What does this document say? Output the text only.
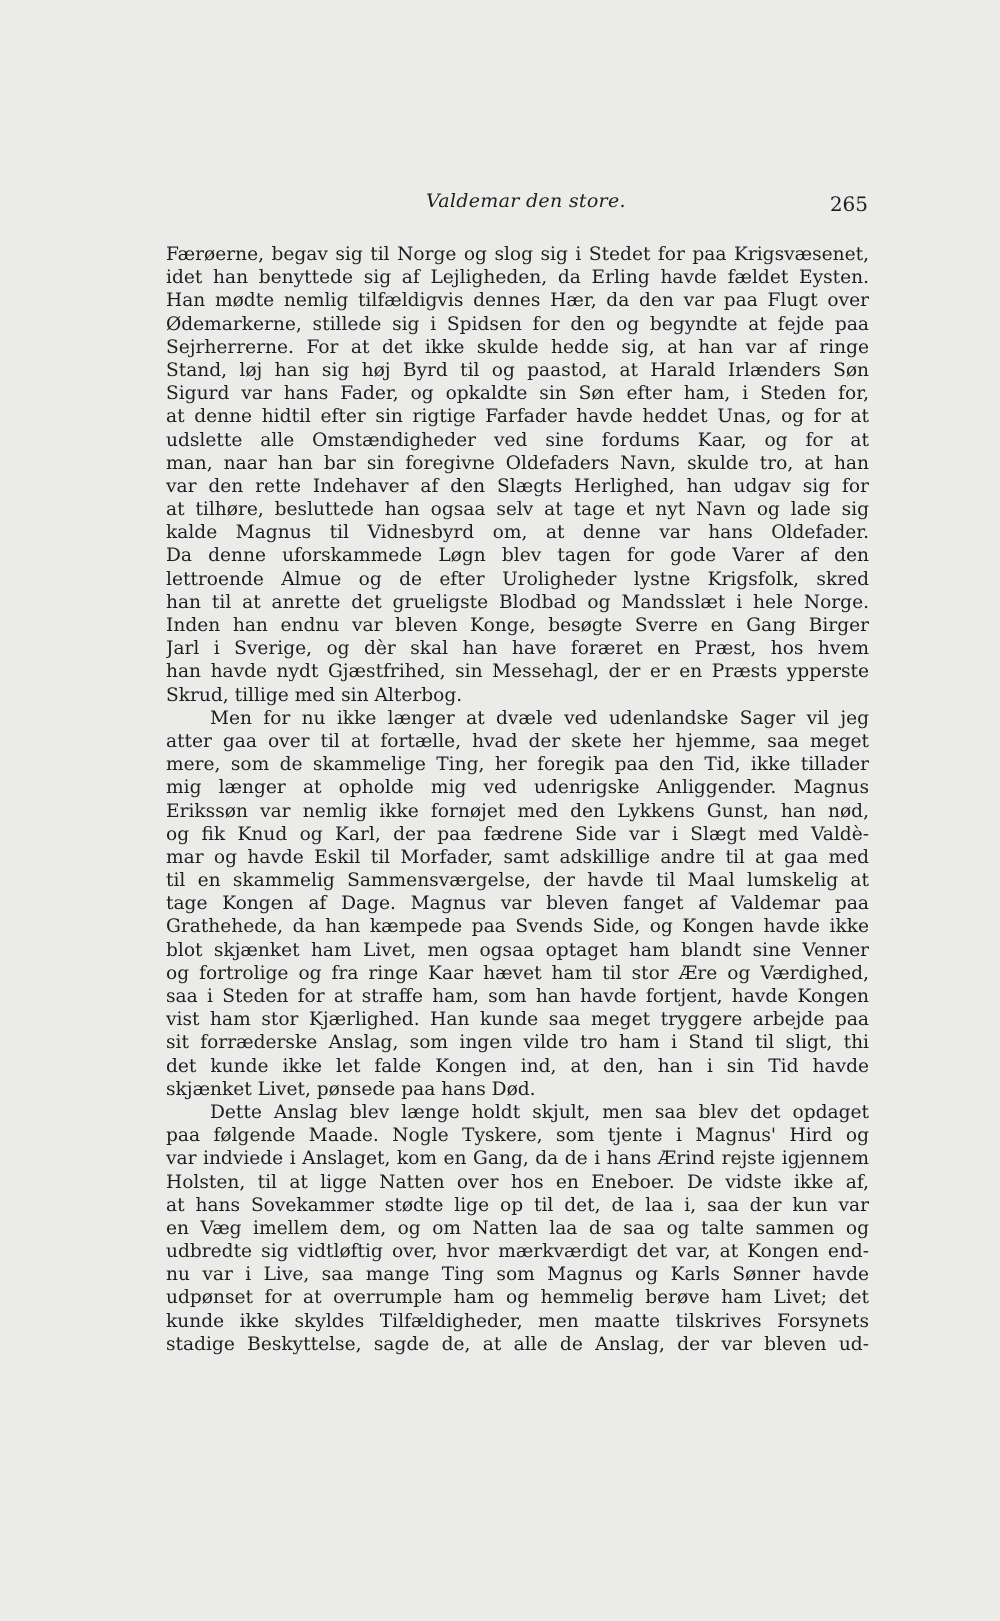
Valdemar den store.	265
Færøerne, begav sig til Norge og slog sig i Stedet for paa Krigsvæsenet,
idet han benyttede sig af Lejligheden, da Erling havde fældet Eysten.
Han mødte nemlig tilfældigvis dennes Hær, da den var paa Flugt over
Ødemarkerne, stillede sig i Spidsen for den og begyndte at fejde paa
Sejrherrerne. For at det ikke skulde hedde sig, at han var af ringe
Stand, løj han sig høj Byrd til og paastod, at Harald Irlænders Søn
Sigurd var hans Fader, og opkaldte sin Søn efter ham, i Steden for,
at denne hidtil efter sin rigtige Farfader havde heddet Unas, og for at
udslette alle Omstændigheder ved sine fordums Kaar, og for at
man, naar han bar sin foregivne Oldefaders Navn, skulde tro, at han
var den rette Indehaver af den Slægts Herlighed, han udgav sig for
at tilhøre, besluttede han ogsaa selv at tage et nyt Navn og lade sig
kalde Magnus til Vidnesbyrd om, at denne var hans Oldefader.
Da denne uforskammede Løgn blev tagen for gode Varer af den
lettroende Almue og de efter Uroligheder lystne Krigsfolk, skred
han til at anrette det grueligste Blodbad og Mandsslæt i hele Norge.
Inden han endnu var bleven Konge, besøgte Sverre en Gang Birger
Jarl i Sverige, og dèr skal han have foræret en Præst, hos hvem
han havde nydt Gjæstfrihed, sin Messehagl, der er en Præsts ypperste
Skrud, tillige med sin Alterbog.
Men for nu ikke længer at dvæle ved udenlandske Sager vil jeg
atter gaa over til at fortælle, hvad der skete her hjemme, saa meget
mere, som de skammelige Ting, her foregik paa den Tid, ikke tillader
mig længer at opholde mig ved udenrigske Anliggender. Magnus
Erikssøn var nemlig ikke fornøjet med den Lykkens Gunst, han nød,
og fik Knud og Karl, der paa fædrene Side var i Slægt med Valdè-
mar og havde Eskil til Morfader, samt adskillige andre til at gaa med
til en skammelig Sammensværgelse, der havde til Maal lumskelig at
tage Kongen af Dage. Magnus var bleven fanget af Valdemar paa
Grathehede, da han kæmpede paa Svends Side, og Kongen havde ikke
blot skjænket ham Livet, men ogsaa optaget ham blandt sine Venner
og fortrolige og fra ringe Kaar hævet ham til stor Ære og Værdighed,
saa i Steden for at straffe ham, som han havde fortjent, havde Kongen
vist ham stor Kjærlighed. Han kunde saa meget tryggere arbejde paa
sit forræderske Anslag, som ingen vilde tro ham i Stand til sligt, thi
det kunde ikke let falde Kongen ind, at den, han i sin Tid havde
skjænket Livet, pønsede paa hans Død.
Dette Anslag blev længe holdt skjult, men saa blev det opdaget
paa følgende Maade. Nogle Tyskere, som tjente i Magnus' Hird og
var indviede i Anslaget, kom en Gang, da de i hans Ærind rejste igjennem
Holsten, til at ligge Natten over hos en Eneboer. De vidste ikke af,
at hans Sovekammer stødte lige op til det, de laa i, saa der kun var
en Væg imellem dem, og om Natten laa de saa og talte sammen og
udbredte sig vidtløftig over, hvor mærkværdigt det var, at Kongen end-
nu var i Live, saa mange Ting som Magnus og Karls Sønner havde
udpønset for at overrumple ham og hemmelig berøve ham Livet; det
kunde ikke skyldes Tilfældigheder, men maatte tilskrives Forsynets
stadige Beskyttelse, sagde de, at alle de Anslag, der var bleven ud-
